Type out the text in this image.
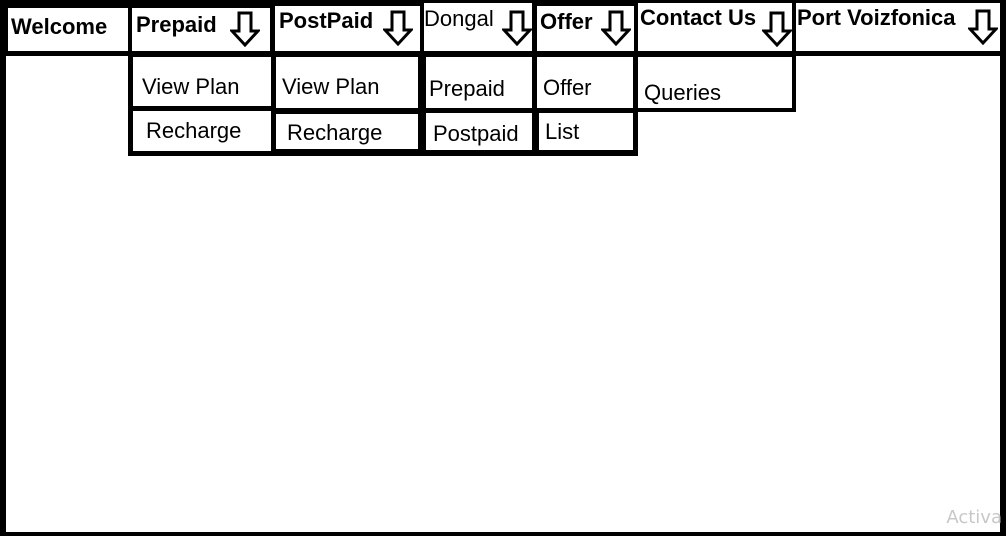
Welcome Prepaid	PostPaid Dongal Offer Contact Us Port Voizfonica
View Plan
Recharge
View Plan
Recharge
Prepaid
Postpaid
Offer
List
Queries
Activa
